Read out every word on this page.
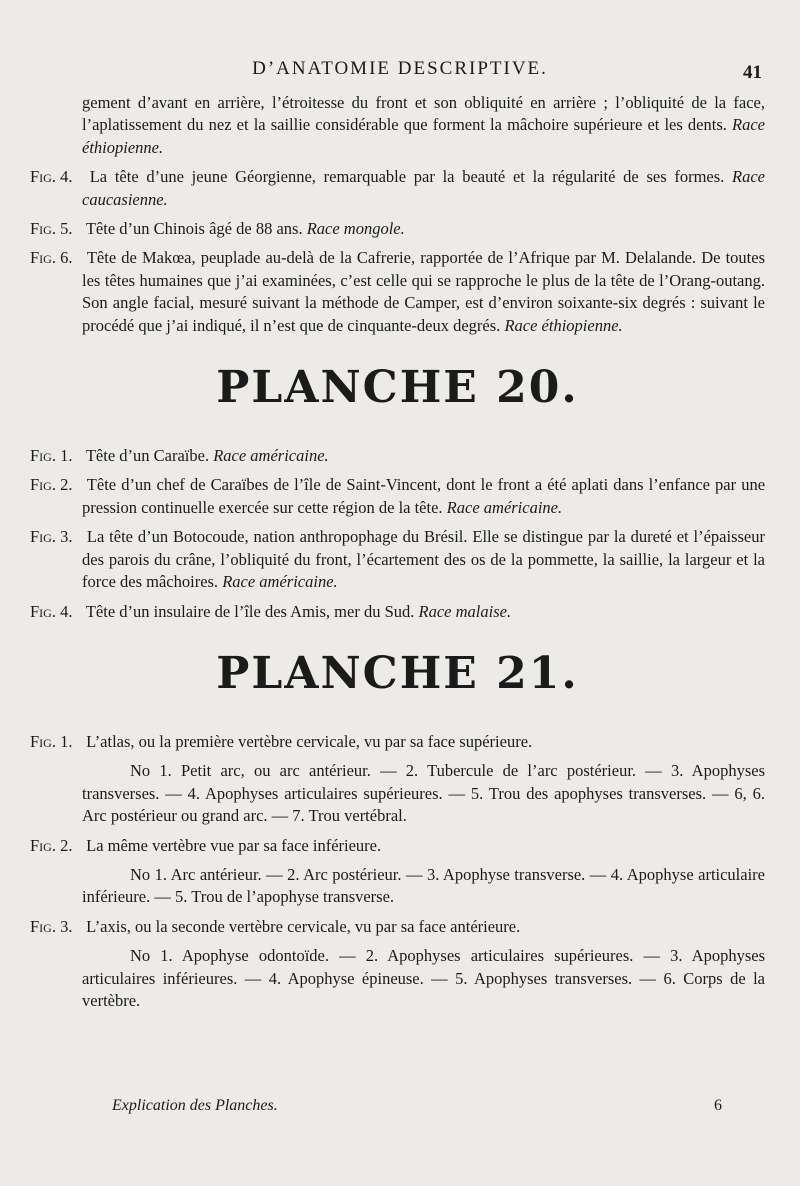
D’ANATOMIE DESCRIPTIVE.	41

gement d’avant en arrière, l’étroitesse du front et son obliquité en arrière ; l’obliquité de la face, l’aplatissement du nez et la saillie considérable que forment la mâchoire supérieure et les dents. Race éthiopienne.

Fig. 4. La tête d’une jeune Géorgienne, remarquable par la beauté et la régularité de ses formes. Race caucasienne.

Fig. 5. Tête d’un Chinois âgé de 88 ans. Race mongole.

Fig. 6. Tête de Makœa, peuplade au-delà de la Cafrerie, rapportée de l’Afrique par M. Delalande. De toutes les têtes humaines que j’ai examinées, c’est celle qui se rapproche le plus de la tête de l’Orang-outang. Son angle facial, mesuré suivant la méthode de Camper, est d’environ soixante-six degrés : suivant le procédé que j’ai indiqué, il n’est que de cinquante-deux degrés. Race éthiopienne.

PLANCHE 20.

Fig. 1. Tête d’un Caraïbe. Race américaine.

Fig. 2. Tête d’un chef de Caraïbes de l’île de Saint-Vincent, dont le front a été aplati dans l’enfance par une pression continuelle exercée sur cette région de la tête. Race américaine.

Fig. 3. La tête d’un Botocoude, nation anthropophage du Brésil. Elle se distingue par la dureté et l’épaisseur des parois du crâne, l’obliquité du front, l’écartement des os de la pommette, la saillie, la largeur et la force des mâchoires. Race américaine.

Fig. 4. Tête d’un insulaire de l’île des Amis, mer du Sud. Race malaise.

PLANCHE 21.

Fig. 1. L’atlas, ou la première vertèbre cervicale, vu par sa face supérieure.

No 1. Petit arc, ou arc antérieur. — 2. Tubercule de l’arc postérieur. — 3. Apophyses transverses. — 4. Apophyses articulaires supérieures. — 5. Trou des apophyses transverses. — 6, 6. Arc postérieur ou grand arc. — 7. Trou vertébral.

Fig. 2. La même vertèbre vue par sa face inférieure.

No 1. Arc antérieur. — 2. Arc postérieur. — 3. Apophyse transverse. — 4. Apophyse articulaire inférieure. — 5. Trou de l’apophyse transverse.

Fig. 3. L’axis, ou la seconde vertèbre cervicale, vu par sa face antérieure.

No 1. Apophyse odontoïde. — 2. Apophyses articulaires supérieures. — 3. Apophyses articulaires inférieures. — 4. Apophyse épineuse. — 5. Apophyses transverses. — 6. Corps de la vertèbre.

Explication des Planches.	6
